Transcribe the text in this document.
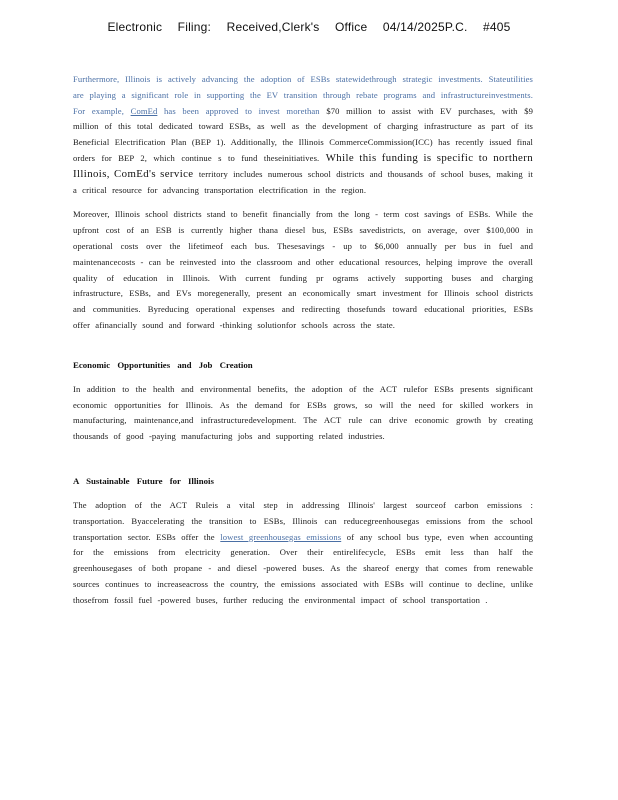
Electronic Filing: Received,Clerk's Office 04/14/2025P.C. #405

Furthermore, Illinois is actively advancing the adoption of ESBs statewidethrough strategic investments. Stateutilities are playing a significant role in supporting the EV transition through rebate programs and infrastructureinvestments. For example, ComEd has been approved to invest morethan $70 million to assist with EV purchases, with $9 million of this total dedicated toward ESBs, as well as the development of charging infrastructure as part of its Beneficial Electrification Plan (BEP 1). Additionally, the Illinois CommerceCommission(ICC) has recently issued final orders for BEP 2, which continue s to fund theseinitiatives. While this funding is specific to northern Illinois, ComEd's service territory includes numerous school districts and thousands of school buses, making it a critical resource for advancing transportation electrification in the region.

Moreover, Illinois school districts stand to benefit financially from the long - term cost savings of ESBs. While the upfront cost of an ESB is currently higher thana diesel bus, ESBs savedistricts, on average, over $100,000 in operational costs over the lifetimeof each bus. Thesesavings - up to $6,000 annually per bus in fuel and maintenancecosts - can be reinvested into the classroom and other educational resources, helping improve the overall quality of education in Illinois. With current funding pr ograms actively supporting buses and charging infrastructure, ESBs, and EVs moregenerally, present an economically smart investment for Illinois school districts and communities. Byreducing operational expenses and redirecting thosefunds toward educational priorities, ESBs offer afinancially sound and forward -thinking solutionfor schools across the state.

Economic Opportunities and Job Creation

In addition to the health and environmental benefits, the adoption of the ACT rulefor ESBs presents significant economic opportunities for Illinois. As the demand for ESBs grows, so will the need for skilled workers in manufacturing, maintenance,and infrastructuredevelopment. The ACT rule can drive economic growth by creating thousands of good -paying manufacturing jobs and supporting related industries.

A Sustainable Future for Illinois

The adoption of the ACT Ruleis a vital step in addressing Illinois' largest sourceof carbon emissions : transportation. Byaccelerating the transition to ESBs, Illinois can reducegreenhousegas emissions from the school transportation sector. ESBs offer the lowest greenhousegas emissions of any school bus type, even when accounting for the emissions from electricity generation. Over their entirelifecycle, ESBs emit less than half the greenhousegases of both propane - and diesel -powered buses. As the shareof energy that comes from renewable sources continues to increaseacross the country, the emissions associated with ESBs will continue to decline, unlike thosefrom fossil fuel -powered buses, further reducing the environmental impact of school transportation .
